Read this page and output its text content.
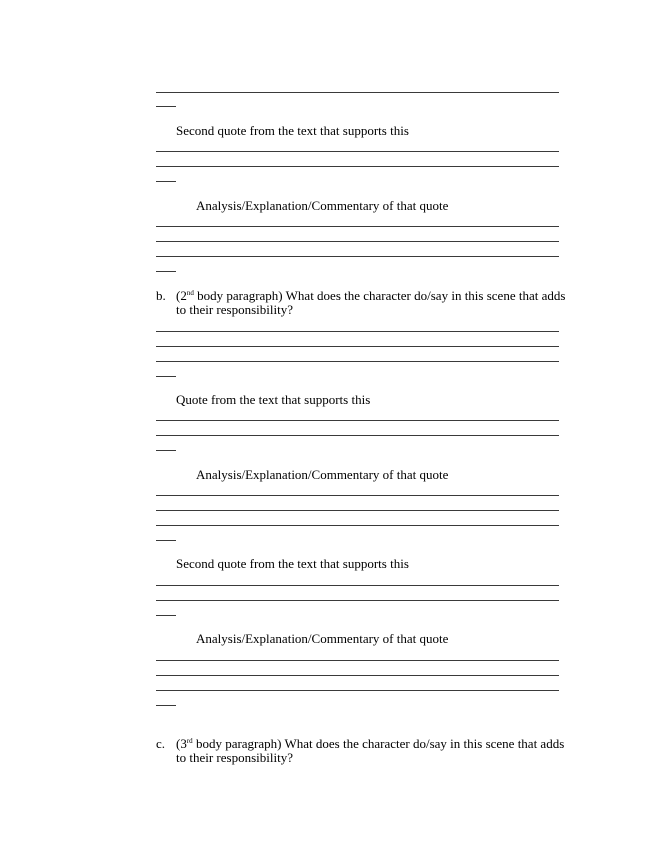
Second quote from the text that supports this
Analysis/Explanation/Commentary of that quote
b. (2nd body paragraph) What does the character do/say in this scene that adds to their responsibility?
Quote from the text that supports this
Analysis/Explanation/Commentary of that quote
Second quote from the text that supports this
Analysis/Explanation/Commentary of that quote
c. (3rd body paragraph) What does the character do/say in this scene that adds to their responsibility?
